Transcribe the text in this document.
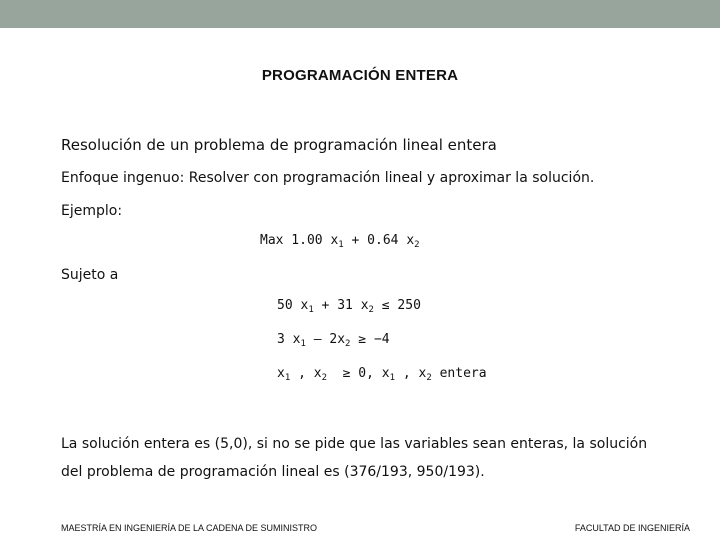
PROGRAMACIÓN ENTERA
Resolución de un problema de programación lineal entera
Enfoque ingenuo: Resolver con programación lineal y aproximar la solución.
Ejemplo:
Max 1.00 $x_1 + 0.64$ $x_2$
Sujeto a
50 $x_1 + 31$ $x_2 \le 250$
3 $x_1 - 2x_2 \ge -4$
$x_1$ , $x_2 \ge 0$, $x_1$ , $x_2$ entera
La solución entera es (5,0), si no se pide que las variables sean enteras, la solución
del problema de programación lineal es (376/193, 950/193).
MAESTRÍA EN INGENIERÍA DE LA CADENA DE SUMINISTRO	FACULTAD DE INGENIERÍA
